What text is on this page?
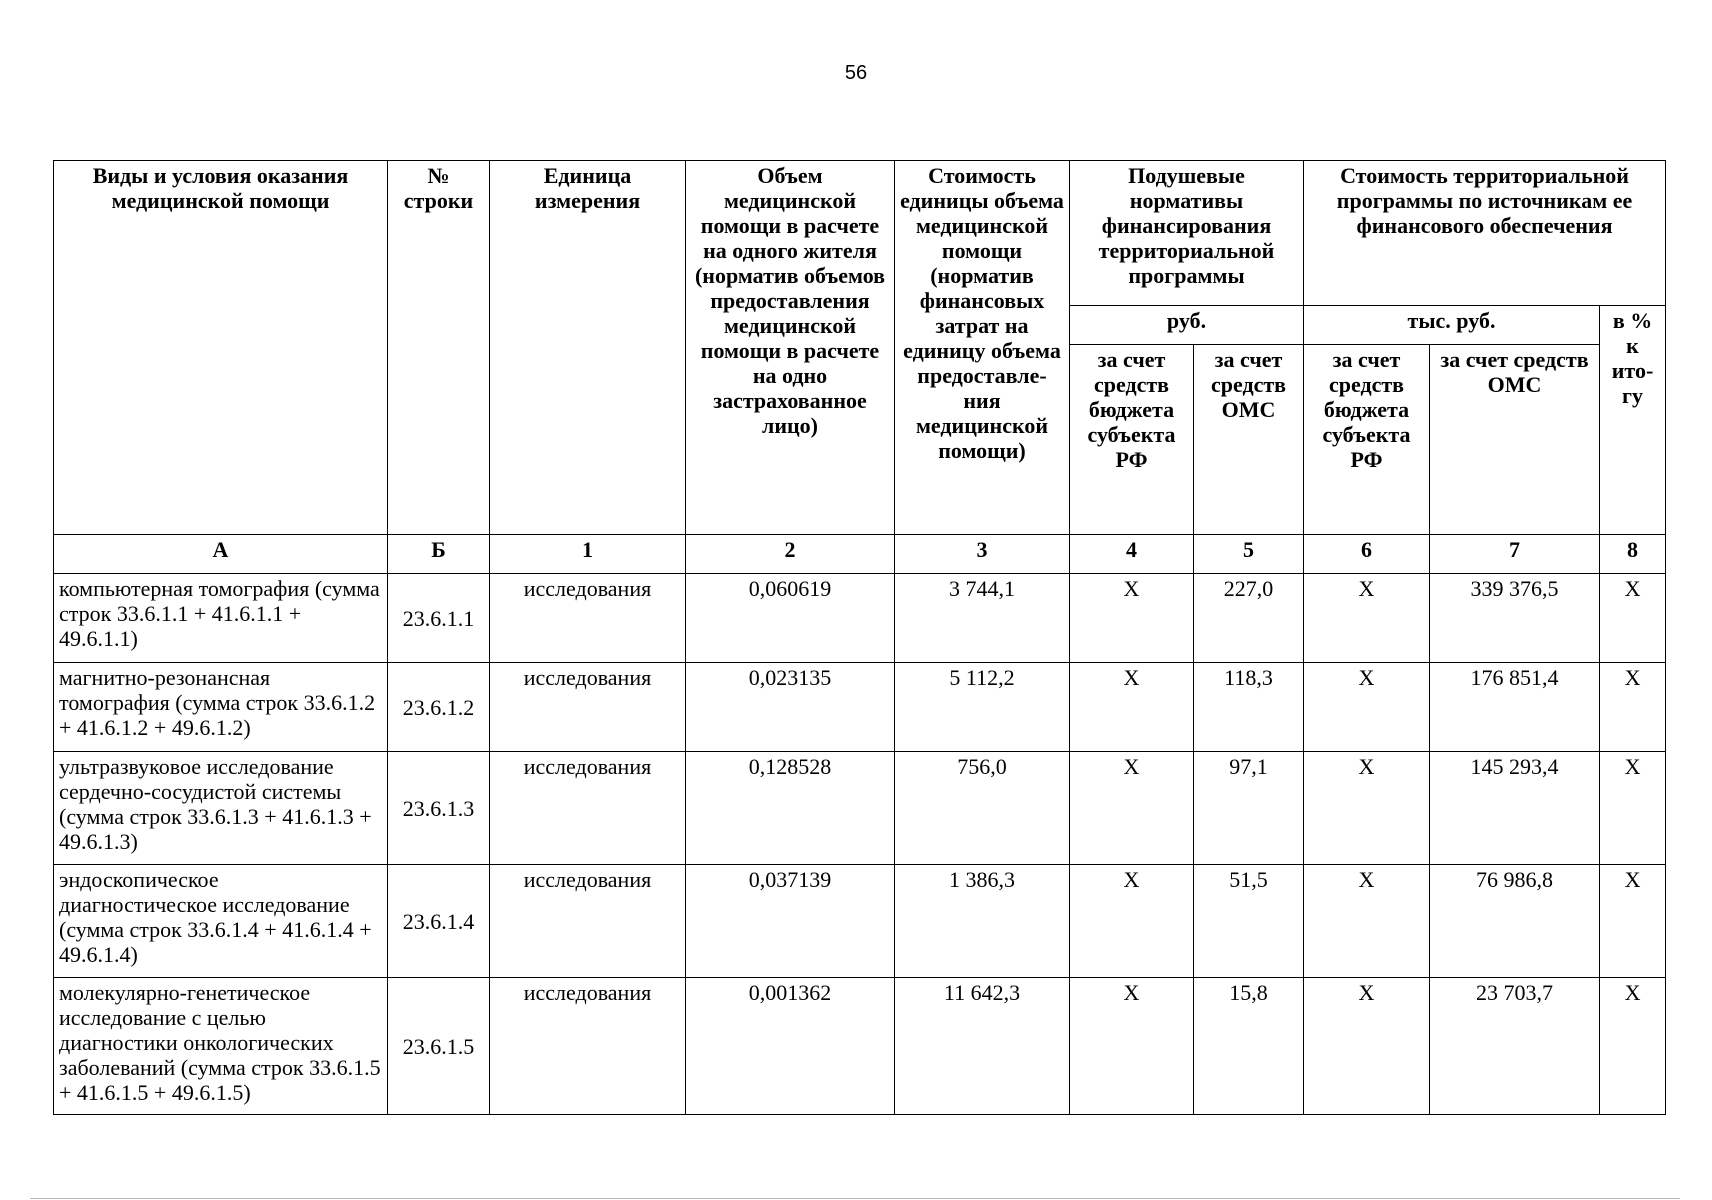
56
Виды и условия оказания медицинской помощи	№ строки	Единица измерения	Объем медицинской помощи в расчете на одного жителя (норматив объемов предоставления медицинской помощи в расчете на одно застрахованное лицо)	Стоимость единицы объема медицинской помощи (норматив финансовых затрат на единицу объема предоставле-ния медицинской помощи)	Подушевые нормативы финансирования территориальной программы		Стоимость территориальной программы по источникам ее финансового обеспечения		
					руб.		тыс. руб.		в % к ито-гу
					за счет средств бюджета субъекта РФ	за счет средств ОМС	за счет средств бюджета субъекта РФ	за счет средств ОМС	
А	Б	1	2	3	4	5	6	7	8
компьютерная томография (сумма строк 33.6.1.1 + 41.6.1.1 + 49.6.1.1)	23.6.1.1	исследования	0,060619	3 744,1	X	227,0	X	339 376,5	X
магнитно-резонансная томография (сумма строк 33.6.1.2 + 41.6.1.2 + 49.6.1.2)	23.6.1.2	исследования	0,023135	5 112,2	X	118,3	X	176 851,4	X
ультразвуковое исследование сердечно-сосудистой системы (сумма строк 33.6.1.3 + 41.6.1.3 + 49.6.1.3)	23.6.1.3	исследования	0,128528	756,0	X	97,1	X	145 293,4	X
эндоскопическое диагностическое исследование (сумма строк 33.6.1.4 + 41.6.1.4 + 49.6.1.4)	23.6.1.4	исследования	0,037139	1 386,3	X	51,5	X	76 986,8	X
молекулярно-генетическое исследование с целью диагностики онкологических заболеваний (сумма строк 33.6.1.5 + 41.6.1.5 + 49.6.1.5)	23.6.1.5	исследования	0,001362	11 642,3	X	15,8	X	23 703,7	X
